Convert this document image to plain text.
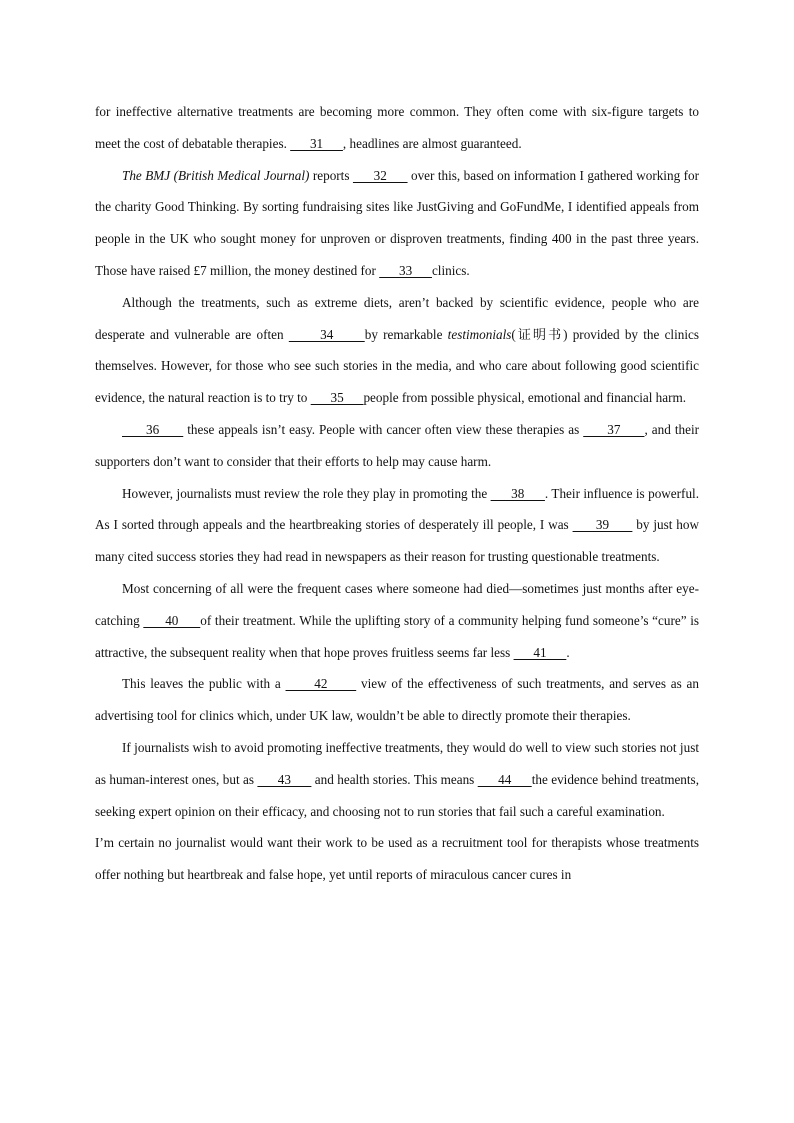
for ineffective alternative treatments are becoming more common. They often come with six-figure targets to meet the cost of debatable therapies.       31      , headlines are almost guaranteed.

The BMJ (British Medical Journal) reports       32       over this, based on information I gathered working for the charity Good Thinking. By sorting fundraising sites like JustGiving and GoFundMe, I identified appeals from people in the UK who sought money for unproven or disproven treatments, finding 400 in the past three years. Those have raised £7 million, the money destined for       33      clinics.

Although the treatments, such as extreme diets, aren’t backed by scientific evidence, people who are desperate and vulnerable are often       34      by remarkable testimonials(证明书) provided by the clinics themselves. However, for those who see such stories in the media, and who care about following good scientific evidence, the natural reaction is to try to       35      people from possible physical, emotional and financial harm.

36       these appeals isn’t easy. People with cancer often view these therapies as       37      , and their supporters don’t want to consider that their efforts to help may cause harm.

However, journalists must review the role they play in promoting the       38      . Their influence is powerful. As I sorted through appeals and the heartbreaking stories of desperately ill people, I was       39       by just how many cited success stories they had read in newspapers as their reason for trusting questionable treatments.

Most concerning of all were the frequent cases where someone had died—sometimes just months after eye-catching       40      of their treatment. While the uplifting story of a community helping fund someone’s “cure” is attractive, the subsequent reality when that hope proves fruitless seems far less       41      .

This leaves the public with a       42       view of the effectiveness of such treatments, and serves as an advertising tool for clinics which, under UK law, wouldn’t be able to directly promote their therapies.

If journalists wish to avoid promoting ineffective treatments, they would do well to view such stories not just as human-interest ones, but as       43       and health stories. This means       44      the evidence behind treatments, seeking expert opinion on their efficacy, and choosing not to run stories that fail such a careful examination.

I’m certain no journalist would want their work to be used as a recruitment tool for therapists whose treatments offer nothing but heartbreak and false hope, yet until reports of miraculous cancer cures in
